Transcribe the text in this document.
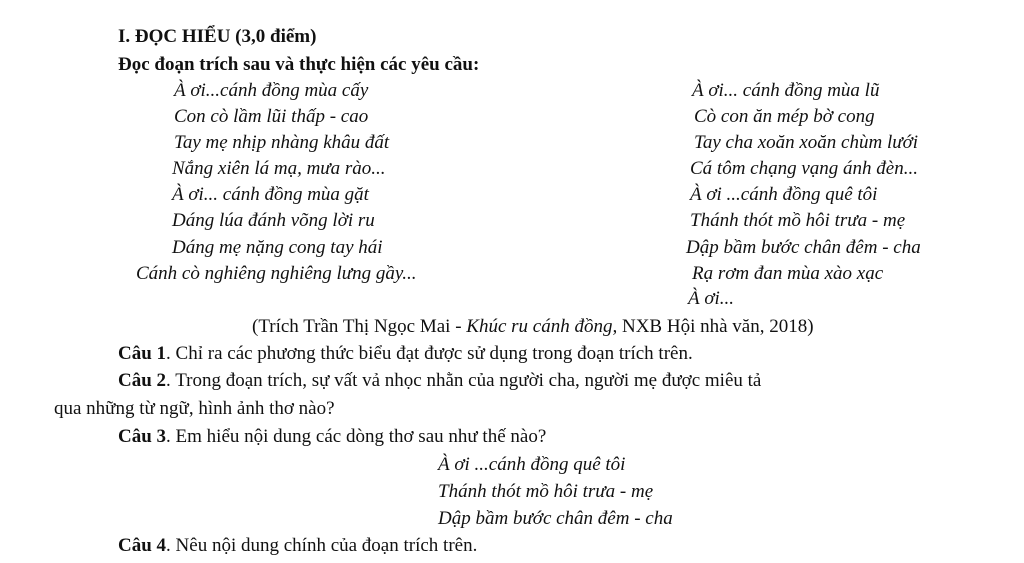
I. ĐỌC HIỂU (3,0 điểm)
Đọc đoạn trích sau và thực hiện các yêu cầu:
À ơi...cánh đồng mùa cấy
Con cò lầm lũi thấp - cao
Tay mẹ nhịp nhàng khâu đất
Nắng xiên lá mạ, mưa rào...
À ơi... cánh đồng mùa gặt
Dáng lúa đánh võng lời ru
Dáng mẹ nặng cong tay hái
Cánh cò nghiêng nghiêng lưng gầy...
À ơi... cánh đồng mùa lũ
Cò con ăn mép bờ cong
Tay cha xoăn xoăn chùm lưới
Cá tôm chạng vạng ánh đèn...
À ơi ...cánh đồng quê tôi
Thánh thót mồ hôi trưa - mẹ
Dập bầm bước chân đêm - cha
Rạ rơm đan mùa xào xạc
À ơi...
(Trích Trần Thị Ngọc Mai - Khúc ru cánh đồng, NXB Hội nhà văn, 2018)
Câu 1. Chỉ ra các phương thức biểu đạt được sử dụng trong đoạn trích trên.
Câu 2. Trong đoạn trích, sự vất vả nhọc nhằn của người cha, người mẹ được miêu tả
qua những từ ngữ, hình ảnh thơ nào?
Câu 3. Em hiểu nội dung các dòng thơ sau như thế nào?
À ơi ...cánh đồng quê tôi
Thánh thót mồ hôi trưa - mẹ
Dập bầm bước chân đêm - cha
Câu 4. Nêu nội dung chính của đoạn trích trên.
